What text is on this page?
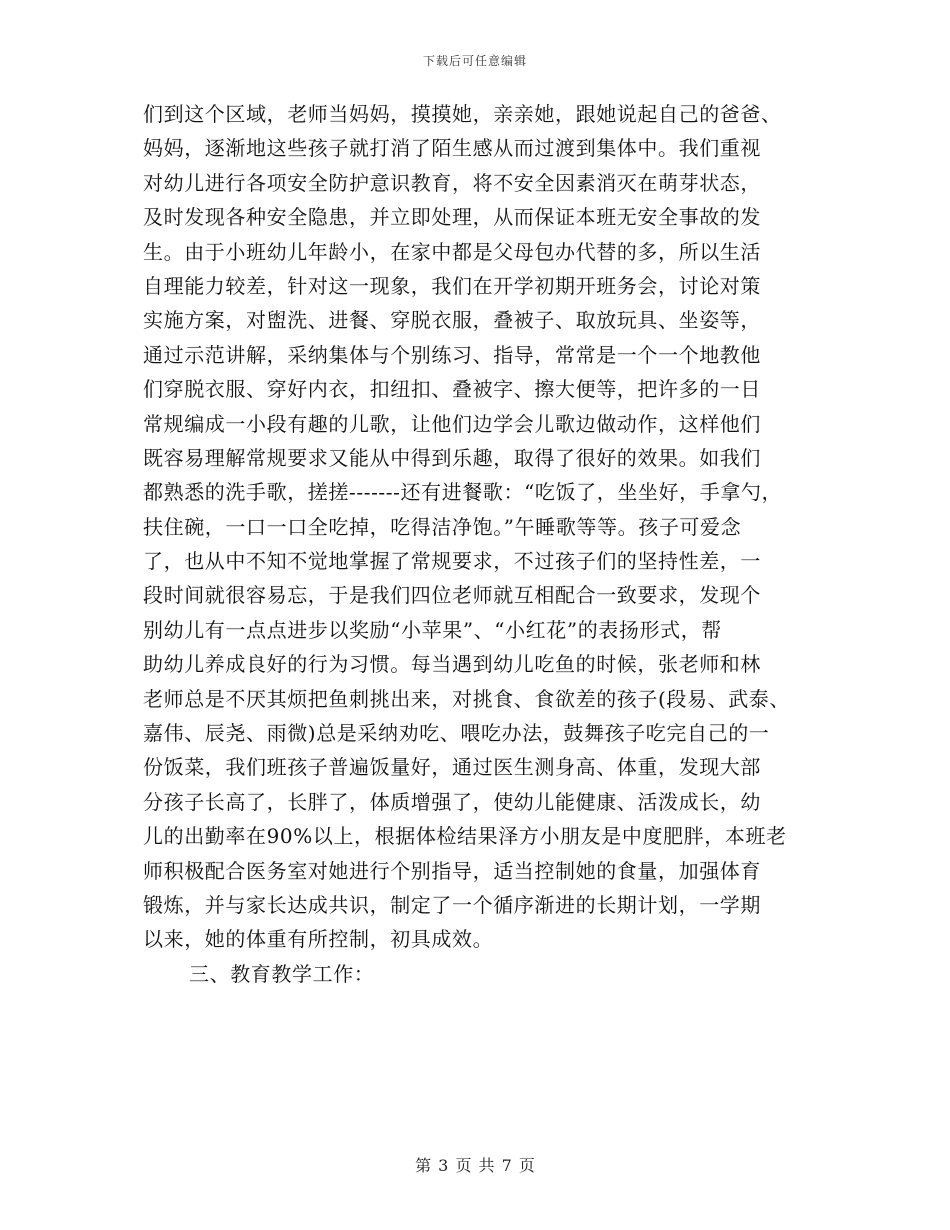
下载后可任意编辑
们到这个区域，老师当妈妈，摸摸她，亲亲她，跟她说起自己的爸爸、
妈妈，逐渐地这些孩子就打消了陌生感从而过渡到集体中。我们重视
对幼儿进行各项安全防护意识教育，将不安全因素消灭在萌芽状态，
及时发现各种安全隐患，并立即处理，从而保证本班无安全事故的发
生。由于小班幼儿年龄小，在家中都是父母包办代替的多，所以生活
自理能力较差，针对这一现象，我们在开学初期开班务会，讨论对策
实施方案，对盥洗、进餐、穿脱衣服，叠被子、取放玩具、坐姿等，
通过示范讲解，采纳集体与个别练习、指导，常常是一个一个地教他
们穿脱衣服、穿好内衣，扣纽扣、叠被字、擦大便等，把许多的一日
常规编成一小段有趣的儿歌，让他们边学会儿歌边做动作，这样他们
既容易理解常规要求又能从中得到乐趣，取得了很好的效果。如我们
都熟悉的洗手歌，搓搓-------还有进餐歌：“吃饭了，坐坐好，手拿勺，
扶住碗，一口一口全吃掉，吃得洁净饱。”午睡歌等等。孩子可爱念
了，也从中不知不觉地掌握了常规要求，不过孩子们的坚持性差，一
段时间就很容易忘，于是我们四位老师就互相配合一致要求，发现个
别幼儿有一点点进步以奖励“小苹果”、“小红花”的表扬形式，帮
助幼儿养成良好的行为习惯。每当遇到幼儿吃鱼的时候，张老师和林
老师总是不厌其烦把鱼刺挑出来，对挑食、食欲差的孩子(段易、武泰、
嘉伟、辰尧、雨微)总是采纳劝吃、喂吃办法，鼓舞孩子吃完自己的一
份饭菜，我们班孩子普遍饭量好，通过医生测身高、体重，发现大部
分孩子长高了，长胖了，体质增强了，使幼儿能健康、活泼成长，幼
儿的出勤率在90%以上，根据体检结果泽方小朋友是中度肥胖，本班老
师积极配合医务室对她进行个别指导，适当控制她的食量，加强体育
锻炼，并与家长达成共识，制定了一个循序渐进的长期计划，一学期
以来，她的体重有所控制，初具成效。
三、教育教学工作：
第 3 页 共 7 页
